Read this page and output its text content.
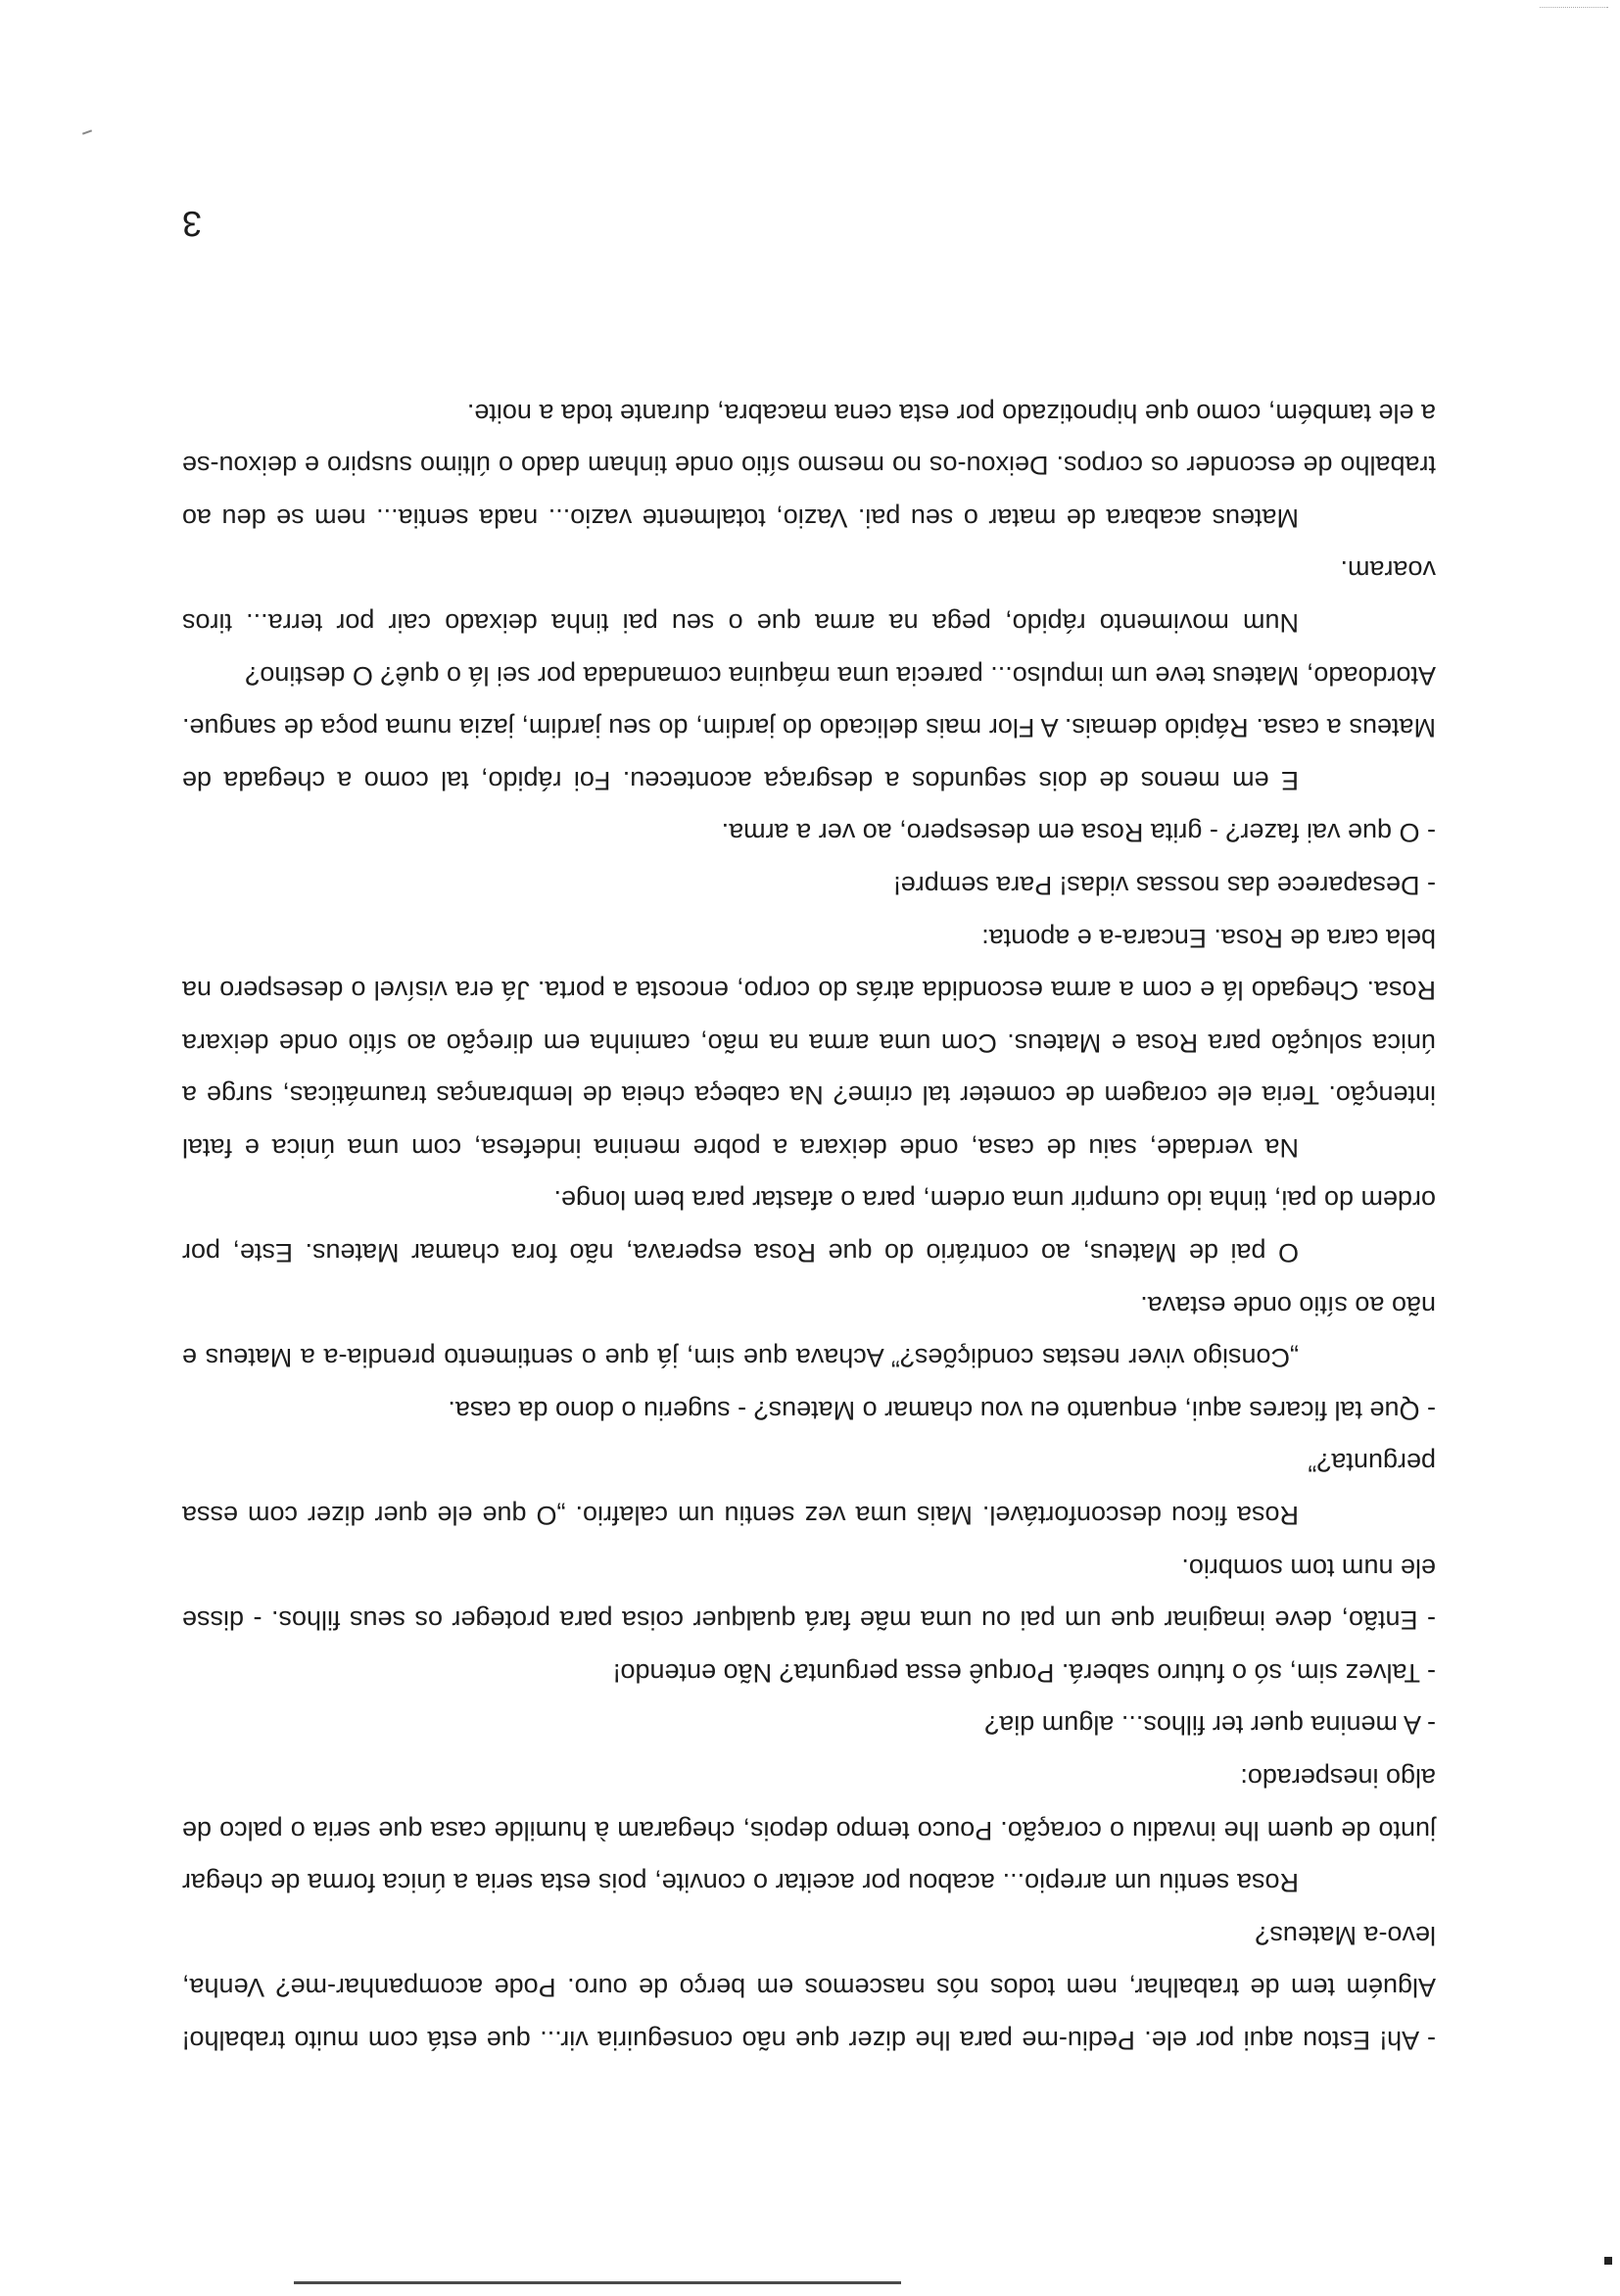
- Ah! Estou aqui por ele. Pediu-me para lhe dizer que não conseguiria vir... que está com muito trabalho! Alguém tem de trabalhar, nem todos nós nascemos em berço de ouro. Pode acompanhar-me? Venha, levo-a Mateus?

Rosa sentiu um arrepio... acabou por aceitar o convite, pois esta seria a única forma de chegar junto de quem lhe invadiu o coração. Pouco tempo depois, chegaram à humilde casa que seria o palco de algo inesperado:

- A menina quer ter filhos... algum dia?

- Talvez sim, só o futuro saberá. Porquê essa pergunta? Não entendo!

- Então, deve imaginar que um pai ou uma mãe fará qualquer coisa para proteger os seus filhos. - disse ele num tom sombrio.

Rosa ficou desconfortável. Mais uma vez sentiu um calafrio. „O que ele quer dizer com essa pergunta?”

- Que tal ficares aqui, enquanto eu vou chamar o Mateus? - sugeriu o dono da casa.

„Consigo viver nestas condições?” Achava que sim, já que o sentimento prendia-a a Mateus e não ao sítio onde estava.

O pai de Mateus, ao contrário do que Rosa esperava, não fora chamar Mateus. Este, por ordem do pai, tinha ido cumprir uma ordem, para o afastar para bem longe.

Na verdade, saiu de casa, onde deixara a pobre menina indefesa, com uma única e fatal intenção. Teria ele coragem de cometer tal crime? Na cabeça cheia de lembranças traumáticas, surge a única solução para Rosa e Mateus. Com uma arma na mão, caminha em direção ao sítio onde deixara Rosa. Chegado lá e com a arma escondida atrás do corpo, encosta a porta. Já era visível o desespero na bela cara de Rosa. Encara-a e aponta:

- Desaparece das nossas vidas! Para sempre!

- O que vai fazer? - grita Rosa em desespero, ao ver a arma.

E em menos de dois segundos a desgraça aconteceu. Foi rápido, tal como a chegada de Mateus a casa. Rápido demais. A Flor mais delicado do jardim, do seu jardim, jazia numa poça de sangue. Atordoado, Mateus teve um impulso... parecia uma máquina comandada por sei lá o quê? O destino?

Num movimento rápido, pega na arma que o seu pai tinha deixado cair por terra... tiros voaram.

Mateus acabara de matar o seu pai. Vazio, totalmente vazio... nada sentia... nem se deu ao trabalho de esconder os corpos. Deixou-os no mesmo sítio onde tinham dado o último suspiro e deixou-se a ele também, como que hipnotizado por esta cena macabra, durante toda a noite.

3
